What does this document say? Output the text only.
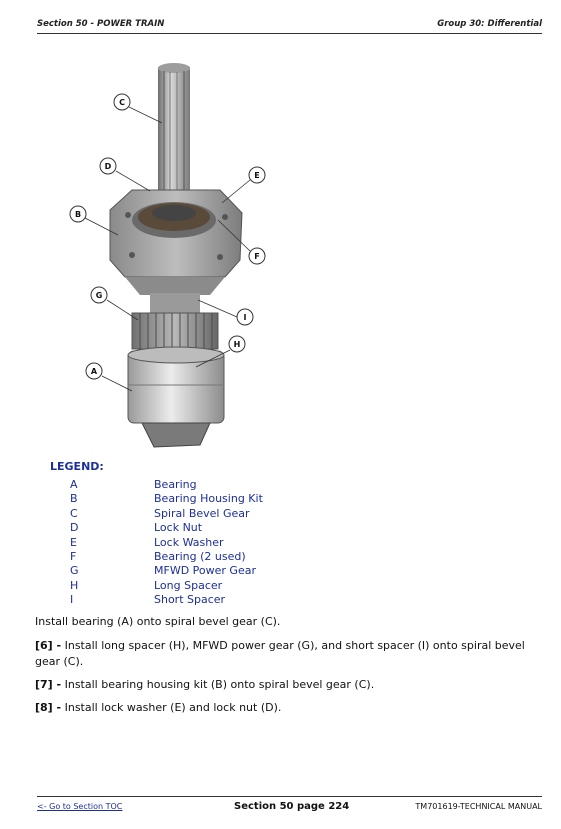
Section 50 - POWER TRAIN	Group 30: Differential
C
D
E
B
F
G
I
H
A
LEGEND:
A	Bearing
B	Bearing Housing Kit
C	Spiral Bevel Gear
D	Lock Nut
E	Lock Washer
F	Bearing (2 used)
G	MFWD Power Gear
H	Long Spacer
I	Short Spacer
Install bearing (A) onto spiral bevel gear (C).
[6] - Install long spacer (H), MFWD power gear (G), and short spacer (I) onto spiral bevel gear (C).
[7] - Install bearing housing kit (B) onto spiral bevel gear (C).
[8] - Install lock washer (E) and lock nut (D).
<- Go to Section TOC	Section 50 page 224	TM701619-TECHNICAL MANUAL
